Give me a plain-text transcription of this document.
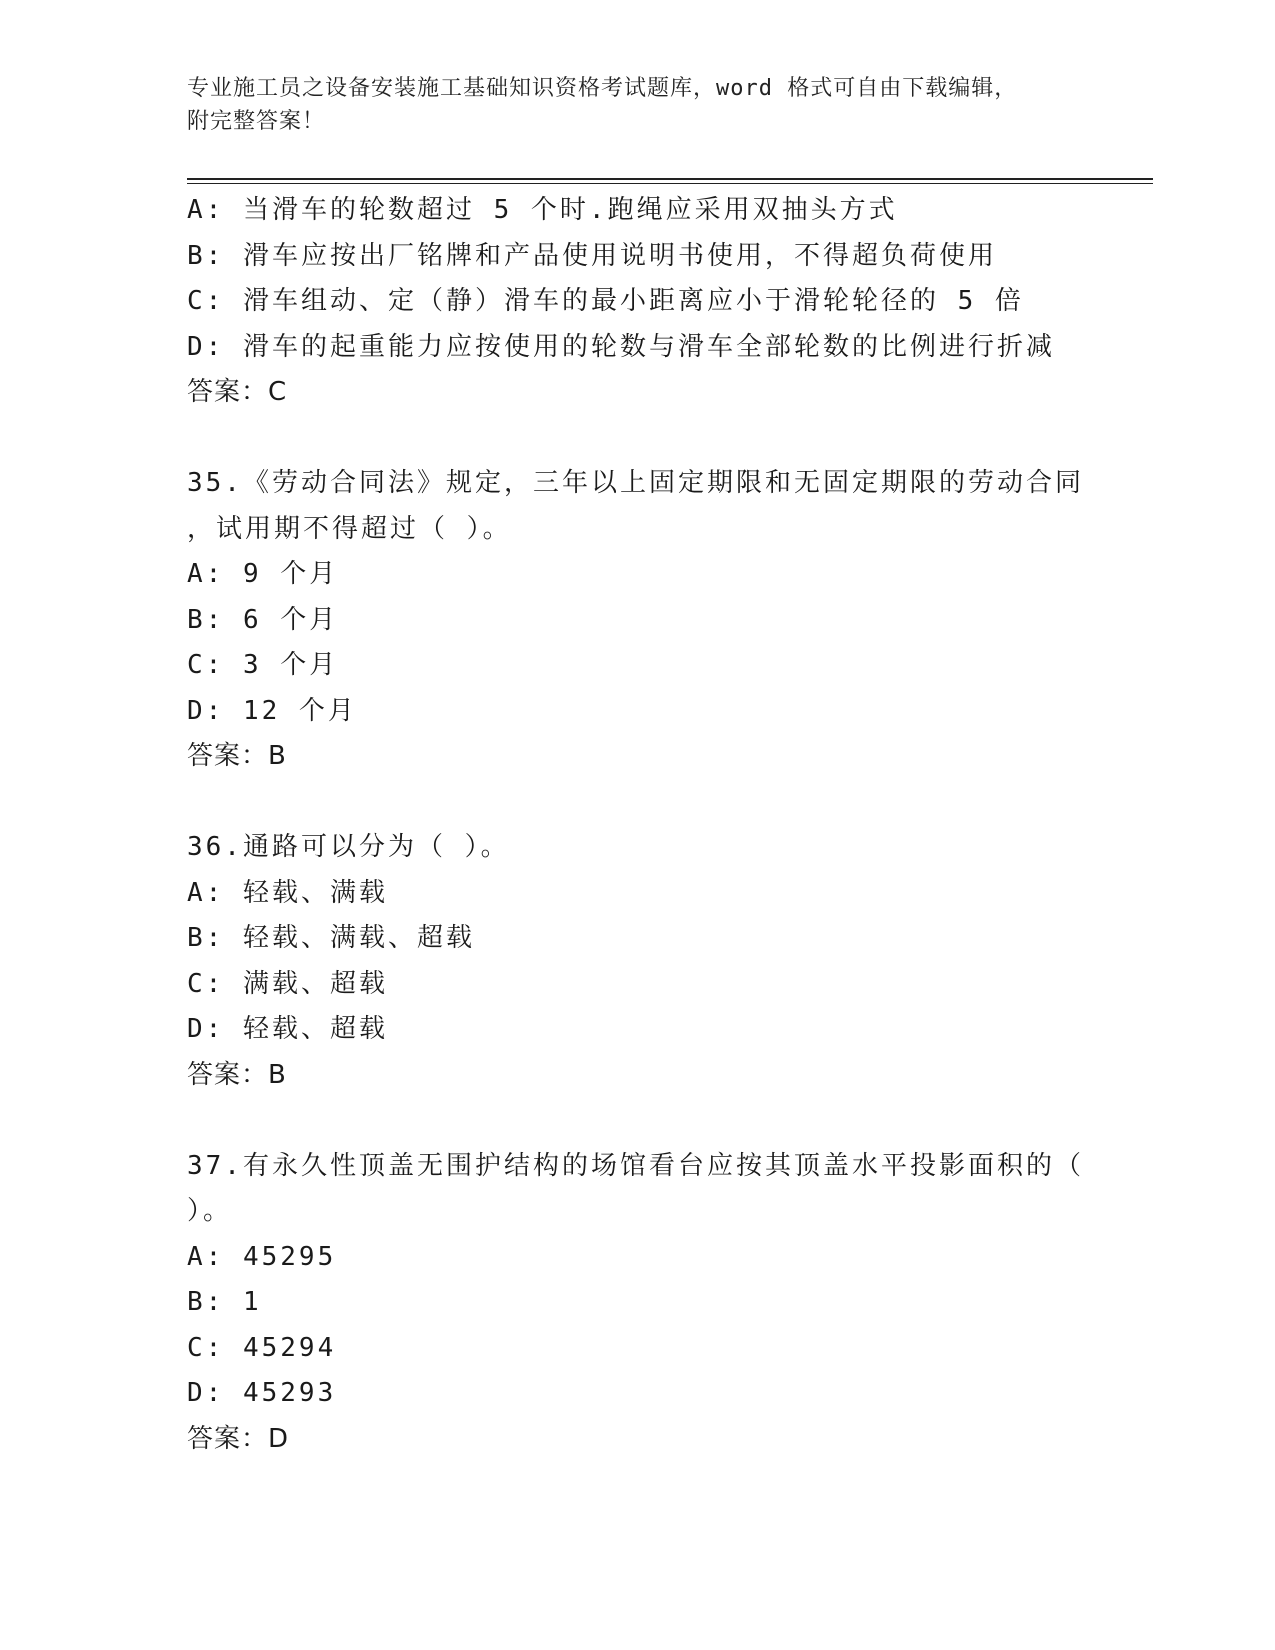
专业施工员之设备安装施工基础知识资格考试题库，word 格式可自由下载编辑，
附完整答案！
A: 当滑车的轮数超过 5 个时.跑绳应采用双抽头方式
B: 滑车应按出厂铭牌和产品使用说明书使用，不得超负荷使用
C: 滑车组动、定（静）滑车的最小距离应小于滑轮轮径的 5 倍
D: 滑车的起重能力应按使用的轮数与滑车全部轮数的比例进行折减
答案：C
35.《劳动合同法》规定，三年以上固定期限和无固定期限的劳动合同
，试用期不得超过（ ）。
A: 9 个月
B: 6 个月
C: 3 个月
D: 12 个月
答案：B
36.通路可以分为（ ）。
A: 轻载、满载
B: 轻载、满载、超载
C: 满载、超载
D: 轻载、超载
答案：B
37.有永久性顶盖无围护结构的场馆看台应按其顶盖水平投影面积的（
）。
A: 45295
B: 1
C: 45294
D: 45293
答案：D
